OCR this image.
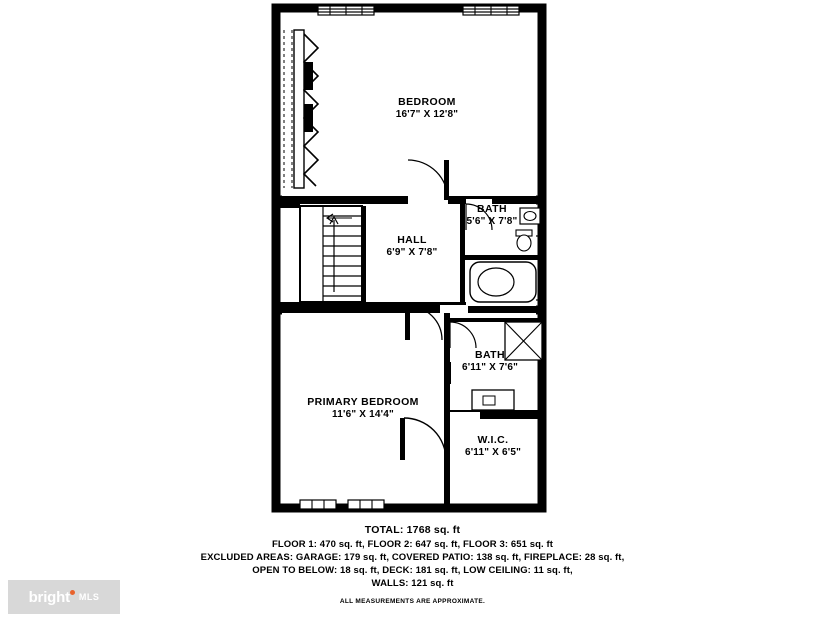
BEDROOM
16'7" X 12'8"
BATH
5'6" X 7'8"
HALL
6'9" X 7'8"
BATH
6'11" X 7'6"
PRIMARY BEDROOM
11'6" X 14'4"
W.I.C.
6'11" X 6'5"
TOTAL: 1768 sq. ft
FLOOR 1: 470 sq. ft, FLOOR 2: 647 sq. ft, FLOOR 3: 651 sq. ft
EXCLUDED AREAS: GARAGE: 179 sq. ft, COVERED PATIO: 138 sq. ft, FIREPLACE: 28 sq. ft,
OPEN TO BELOW: 18 sq. ft, DECK: 181 sq. ft, LOW CEILING: 11 sq. ft,
WALLS: 121 sq. ft
ALL MEASUREMENTS ARE APPROXIMATE.
bright MLS
